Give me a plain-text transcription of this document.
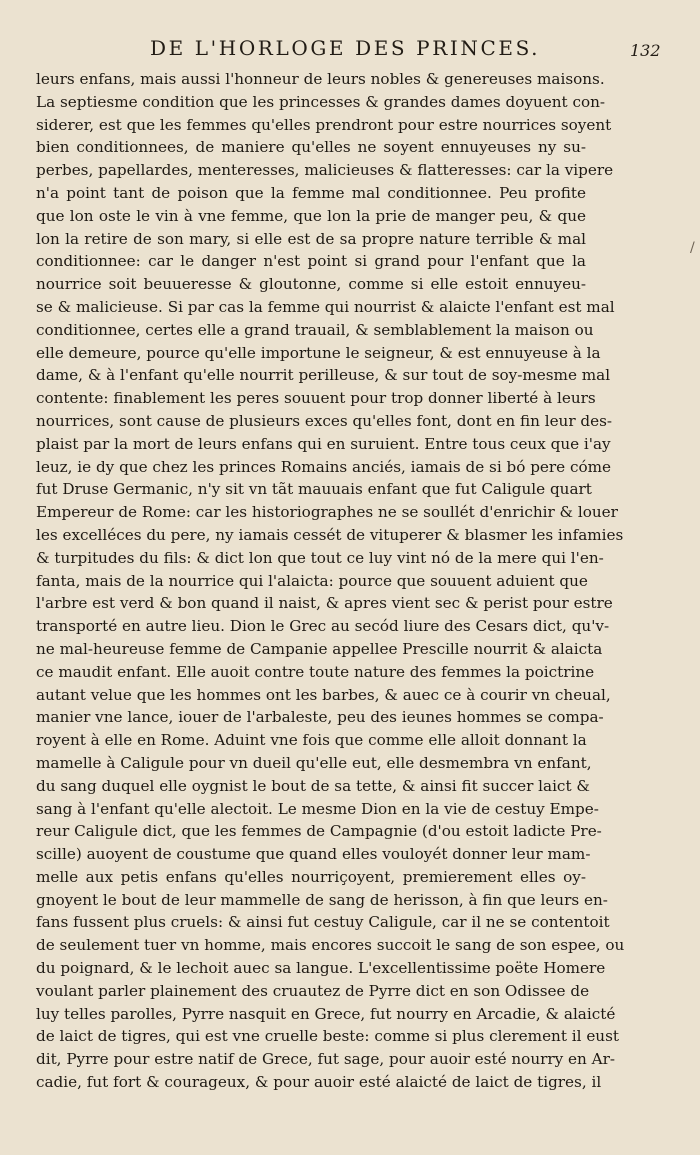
DE L'HORLOGE DES PRINCES.	132
leurs enfans, mais aussi l'honneur de leurs nobles & genereuses maisons.
La septiesme condition que les princesses & grandes dames doyuent con-
siderer, est que les femmes qu'elles prendront pour estre nourrices soyent
bien conditionnees, de maniere qu'elles ne soyent ennuyeuses ny su-
perbes, papellardes, menteresses, malicieuses & flatteresses: car la vipere
n'a point tant de poison que la femme mal conditionnee. Peu profite
que lon oste le vin à vne femme, que lon la prie de manger peu, & que
lon la retire de son mary, si elle est de sa propre nature terrible & mal
conditionnee: car le danger n'est point si grand pour l'enfant que la
nourrice soit beuueresse & gloutonne, comme si elle estoit ennuyeu-
se & malicieuse. Si par cas la femme qui nourrist & alaicte l'enfant est mal
conditionnee, certes elle a grand trauail, & semblablement la maison ou
elle demeure, pource qu'elle importune le seigneur, & est ennuyeuse à la
dame, & à l'enfant qu'elle nourrit perilleuse, & sur tout de soy-mesme mal
contente: finablement les peres souuent pour trop donner liberté à leurs
nourrices, sont cause de plusieurs exces qu'elles font, dont en fin leur des-
plaist par la mort de leurs enfans qui en suruient. Entre tous ceux que i'ay
leuz, ie dy que chez les princes Romains anciés, iamais de si bó pere cóme
fut Druse Germanic, n'y sit vn tãt mauuais enfant que fut Caligule quart
Empereur de Rome: car les historiographes ne se soullét d'enrichir & louer
les excelléces du pere, ny iamais cessét de vituperer & blasmer les infamies
& turpitudes du fils: & dict lon que tout ce luy vint nó de la mere qui l'en-
fanta, mais de la nourrice qui l'alaicta: pource que souuent aduient que
l'arbre est verd & bon quand il naist, & apres vient sec & perist pour estre
transporté en autre lieu. Dion le Grec au secód liure des Cesars dict, qu'v-
ne mal-heureuse femme de Campanie appellee Prescille nourrit & alaicta
ce maudit enfant. Elle auoit contre toute nature des femmes la poictrine
autant velue que les hommes ont les barbes, & auec ce à courir vn cheual,
manier vne lance, iouer de l'arbaleste, peu des ieunes hommes se compa-
royent à elle en Rome. Aduint vne fois que comme elle alloit donnant la
mamelle à Caligule pour vn dueil qu'elle eut, elle desmembra vn enfant,
du sang duquel elle oygnist le bout de sa tette, & ainsi fit succer laict &
sang à l'enfant qu'elle alectoit. Le mesme Dion en la vie de cestuy Empe-
reur Caligule dict, que les femmes de Campagnie (d'ou estoit ladicte Pre-
scille) auoyent de coustume que quand elles vouloyét donner leur mam-
melle aux petis enfans qu'elles nourriçoyent, premierement elles oy-
gnoyent le bout de leur mammelle de sang de herisson, à fin que leurs en-
fans fussent plus cruels: & ainsi fut cestuy Caligule, car il ne se contentoit
de seulement tuer vn homme, mais encores succoit le sang de son espee, ou
du poignard, & le lechoit auec sa langue. L'excellentissime poëte Homere
voulant parler plainement des cruautez de Pyrre dict en son Odissee de
luy telles parolles, Pyrre nasquit en Grece, fut nourry en Arcadie, & alaicté
de laict de tigres, qui est vne cruelle beste: comme si plus clerement il eust
dit, Pyrre pour estre natif de Grece, fut sage, pour auoir esté nourry en Ar-
cadie, fut fort & courageux, & pour auoir esté alaicté de laict de tigres, il
/
